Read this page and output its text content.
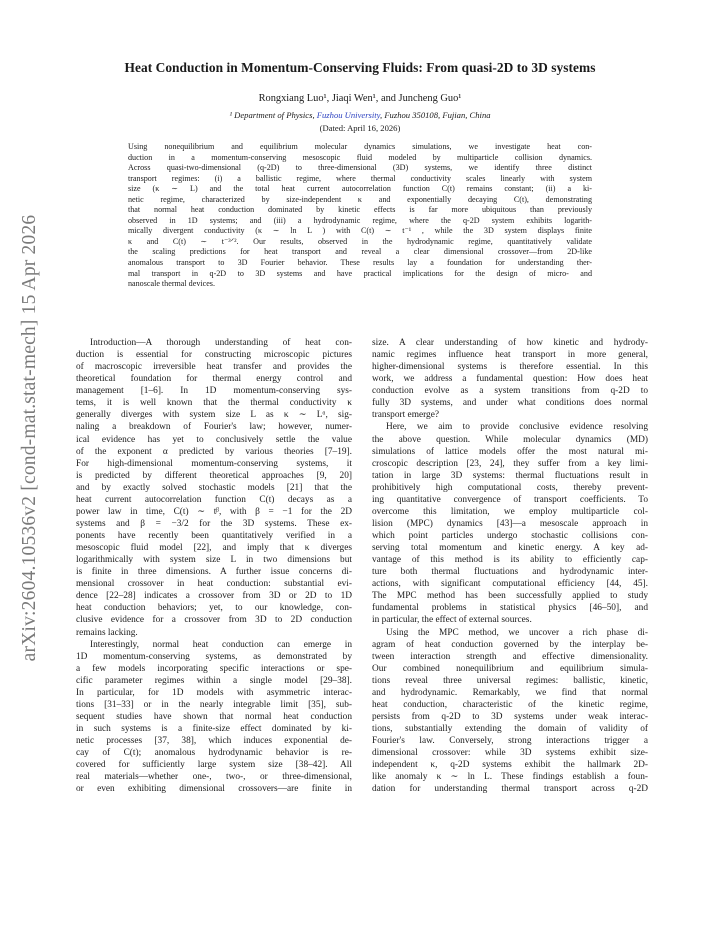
arXiv:2604.10536v2 [cond-mat.stat-mech] 15 Apr 2026
Heat Conduction in Momentum-Conserving Fluids: From quasi-2D to 3D systems
Rongxiang Luo¹, Jiaqi Wen¹, and Juncheng Guo¹
¹ Department of Physics, Fuzhou University, Fuzhou 350108, Fujian, China
(Dated: April 16, 2026)
Using nonequilibrium and equilibrium molecular dynamics simulations, we investigate heat con-
duction in a momentum-conserving mesoscopic fluid modeled by multiparticle collision dynamics.
Across quasi-two-dimensional (q-2D) to three-dimensional (3D) systems, we identify three distinct
transport regimes: (i) a ballistic regime, where thermal conductivity scales linearly with system
size (κ ∼ L) and the total heat current autocorrelation function C(t) remains constant; (ii) a ki-
netic regime, characterized by size-independent κ and exponentially decaying C(t), demonstrating
that normal heat conduction dominated by kinetic effects is far more ubiquitous than previously
observed in 1D systems; and (iii) a hydrodynamic regime, where the q-2D system exhibits logarith-
mically divergent conductivity (κ ∼ ln L ) with C(t) ∼ t⁻¹ , while the 3D system displays finite
κ and C(t) ∼ t⁻³ᐟ². Our results, observed in the hydrodynamic regime, quantitatively validate
the scaling predictions for heat transport and reveal a clear dimensional crossover—from 2D-like
anomalous transport to 3D Fourier behavior. These results lay a foundation for understanding ther-
mal transport in q-2D to 3D systems and have practical implications for the design of micro- and
nanoscale thermal devices.
Introduction—A thorough understanding of heat con-
duction is essential for constructing microscopic pictures
of macroscopic irreversible heat transfer and provides the
theoretical foundation for thermal energy control and
management [1–6]. In 1D momentum-conserving sys-
tems, it is well known that the thermal conductivity κ
generally diverges with system size L as κ ∼ Lᵅ, sig-
naling a breakdown of Fourier's law; however, numer-
ical evidence has yet to conclusively settle the value
of the exponent α predicted by various theories [7–19].
For high-dimensional momentum-conserving systems, it
is predicted by different theoretical approaches [9, 20]
and by exactly solved stochastic models [21] that the
heat current autocorrelation function C(t) decays as a
power law in time, C(t) ∼ tᵝ, with β = −1 for the 2D
systems and β = −3/2 for the 3D systems. These ex-
ponents have recently been quantitatively verified in a
mesoscopic fluid model [22], and imply that κ diverges
logarithmically with system size L in two dimensions but
is finite in three dimensions. A further issue concerns di-
mensional crossover in heat conduction: substantial evi-
dence [22–28] indicates a crossover from 3D or 2D to 1D
heat conduction behaviors; yet, to our knowledge, con-
clusive evidence for a crossover from 3D to 2D conduction
remains lacking.
Interestingly, normal heat conduction can emerge in
1D momentum-conserving systems, as demonstrated by
a few models incorporating specific interactions or spe-
cific parameter regimes within a single model [29–38].
In particular, for 1D models with asymmetric interac-
tions [31–33] or in the nearly integrable limit [35], sub-
sequent studies have shown that normal heat conduction
in such systems is a finite-size effect dominated by ki-
netic processes [37, 38], which induces exponential de-
cay of C(t); anomalous hydrodynamic behavior is re-
covered for sufficiently large system size [38–42]. All
real materials—whether one-, two-, or three-dimensional,
or even exhibiting dimensional crossovers—are finite in
size. A clear understanding of how kinetic and hydrody-
namic regimes influence heat transport in more general,
higher-dimensional systems is therefore essential. In this
work, we address a fundamental question: How does heat
conduction evolve as a system transitions from q-2D to
fully 3D systems, and under what conditions does normal
transport emerge?
Here, we aim to provide conclusive evidence resolving
the above question. While molecular dynamics (MD)
simulations of lattice models offer the most natural mi-
croscopic description [23, 24], they suffer from a key limi-
tation in large 3D systems: thermal fluctuations result in
prohibitively high computational costs, thereby prevent-
ing quantitative convergence of transport coefficients. To
overcome this limitation, we employ multiparticle col-
lision (MPC) dynamics [43]—a mesoscale approach in
which point particles undergo stochastic collisions con-
serving total momentum and kinetic energy. A key ad-
vantage of this method is its ability to efficiently cap-
ture both thermal fluctuations and hydrodynamic inter-
actions, with significant computational efficiency [44, 45].
The MPC method has been successfully applied to study
fundamental problems in statistical physics [46–50], and
in particular, the effect of external sources.
Using the MPC method, we uncover a rich phase di-
agram of heat conduction governed by the interplay be-
tween interaction strength and effective dimensionality.
Our combined nonequilibrium and equilibrium simula-
tions reveal three universal regimes: ballistic, kinetic,
and hydrodynamic. Remarkably, we find that normal
heat conduction, characteristic of the kinetic regime,
persists from q-2D to 3D systems under weak interac-
tions, substantially extending the domain of validity of
Fourier's law. Conversely, strong interactions trigger a
dimensional crossover: while 3D systems exhibit size-
independent κ, q-2D systems exhibit the hallmark 2D-
like anomaly κ ∼ ln L. These findings establish a foun-
dation for understanding thermal transport across q-2D
